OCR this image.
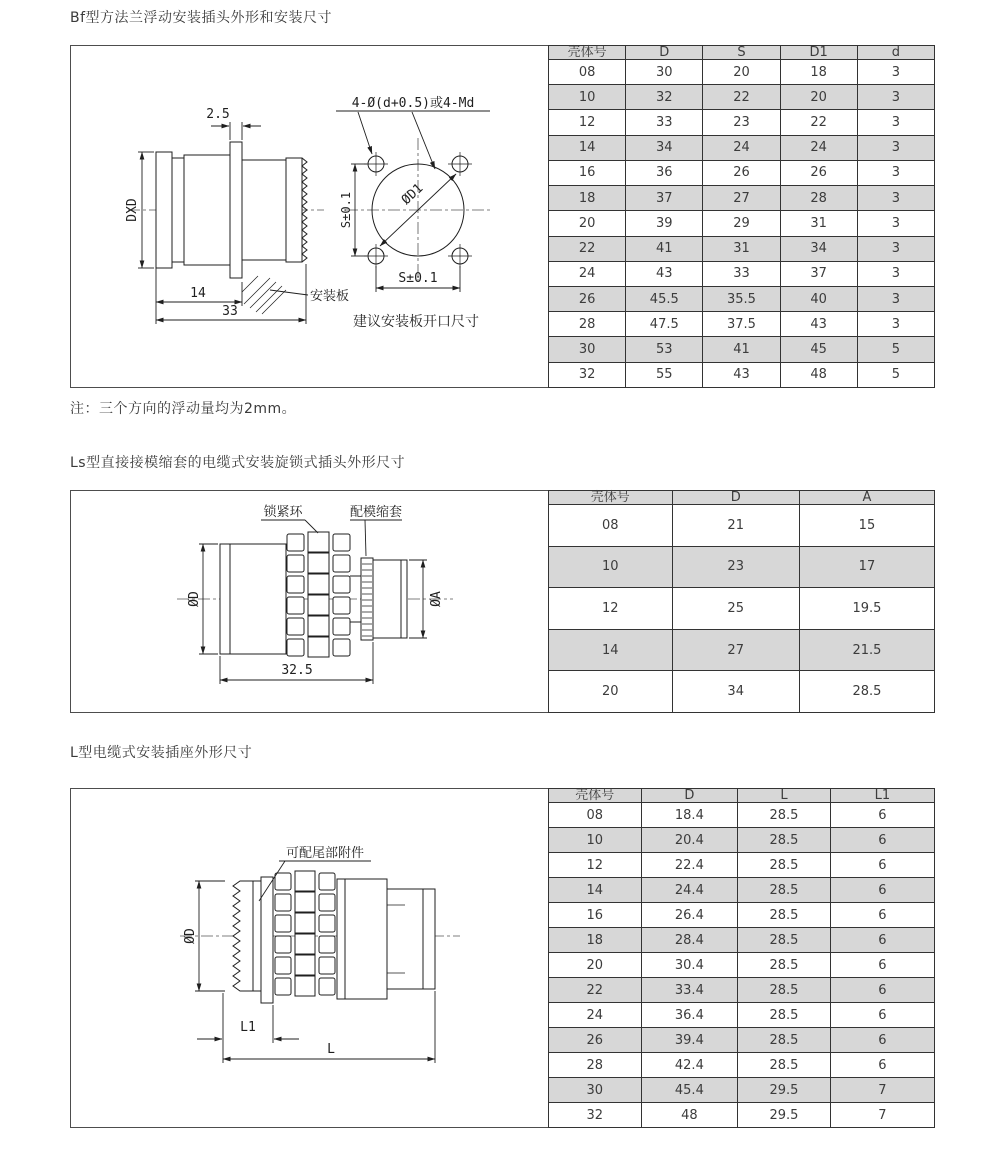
Bf型方法兰浮动安装插头外形和安装尺寸
安装板
2.5
DXD
14
33
4-Ø(d+0.5)或4-Md
ØD1
S±0.1
S±0.1
建议安装板开口尺寸
壳体号	D	S	D1	d
08	30	20	18	3
10	32	22	20	3
12	33	23	22	3
14	34	24	24	3
16	36	26	26	3
18	37	27	28	3
20	39	29	31	3
22	41	31	34	3
24	43	33	37	3
26	45.5	35.5	40	3
28	47.5	37.5	43	3
30	53	41	45	5
32	55	43	48	5
注：三个方向的浮动量均为2mm。
Ls型直接接模缩套的电缆式安装旋锁式插头外形尺寸
锁紧环	配模缩套
ØD	ØA
32.5
壳体号	D	A
08	21	15
10	23	17
12	25	19.5
14	27	21.5
20	34	28.5
L型电缆式安装插座外形尺寸
可配尾部附件
ØD
L1
L
壳体号	D	L	L1
08	18.4	28.5	6
10	20.4	28.5	6
12	22.4	28.5	6
14	24.4	28.5	6
16	26.4	28.5	6
18	28.4	28.5	6
20	30.4	28.5	6
22	33.4	28.5	6
24	36.4	28.5	6
26	39.4	28.5	6
28	42.4	28.5	6
30	45.4	29.5	7
32	48	29.5	7
